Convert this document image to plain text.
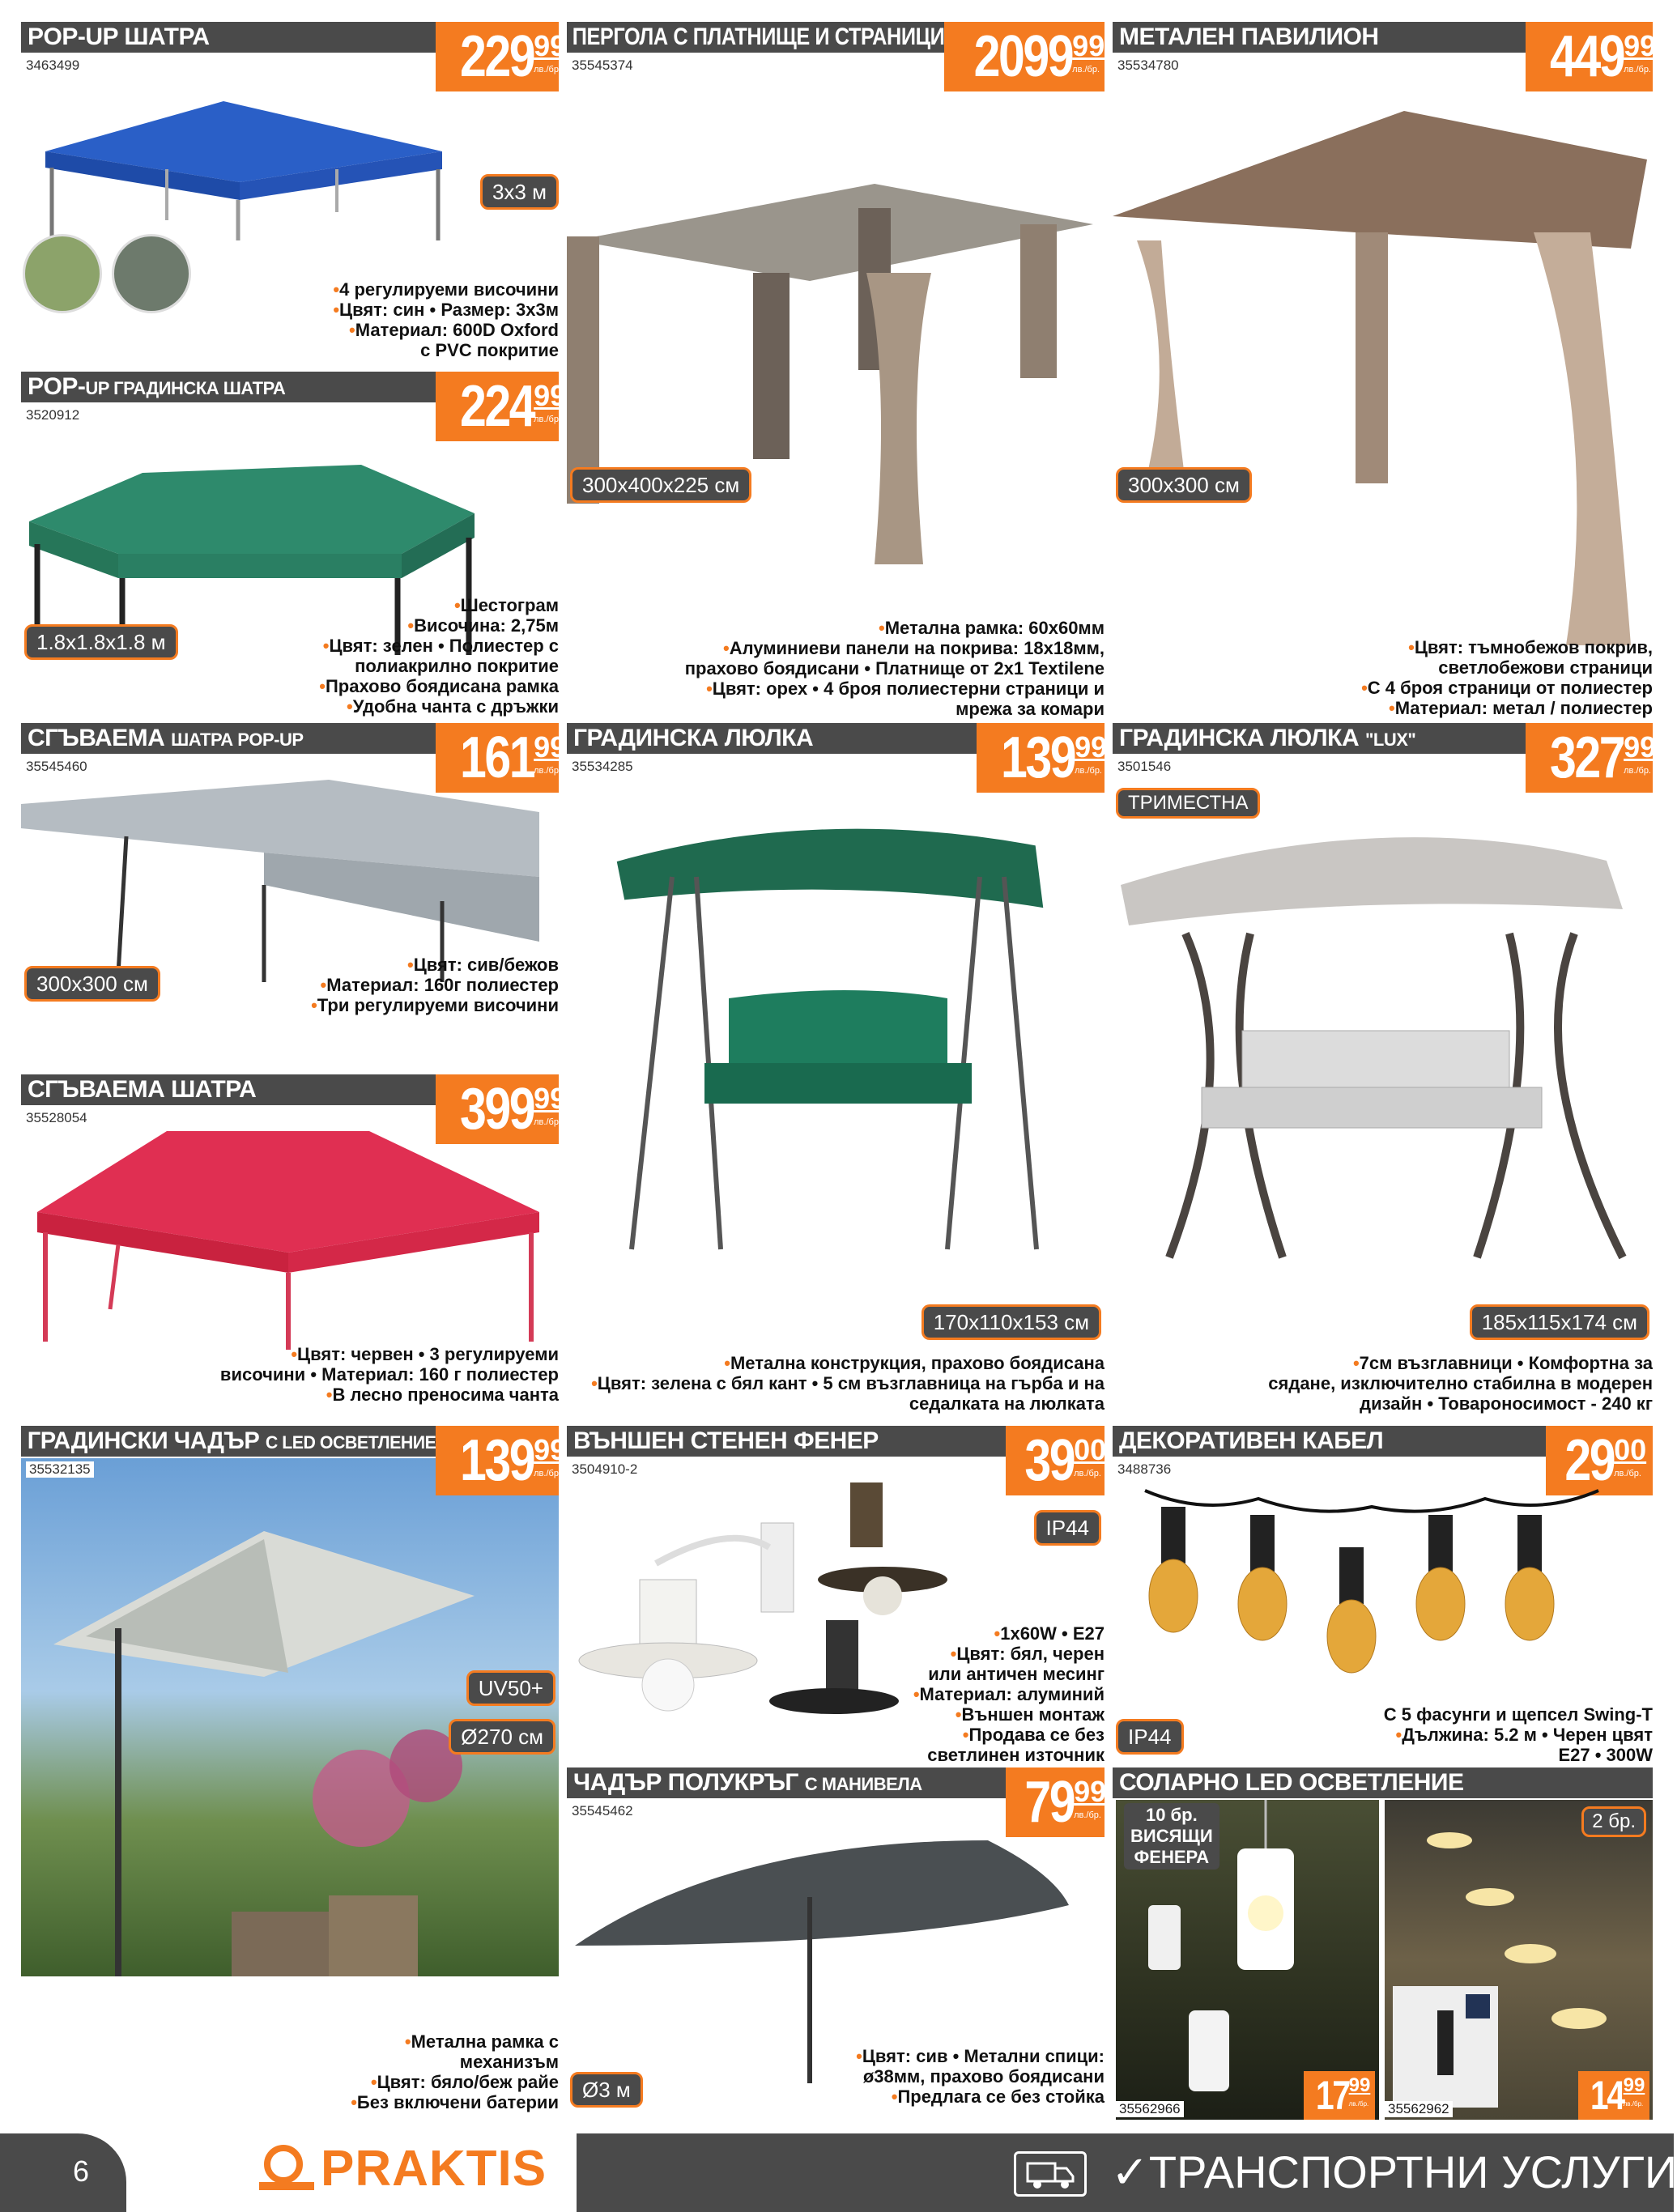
POP-UP ШАТРА
3463499	229 99
лв./бр.
3x3 м
•4 регулируеми височини
•Цвят: син • Размер: 3х3м
•Материал: 600D Oxford
с PVC покритие
POP-UP ГРАДИНСКА ШАТРА
3520912	224 99
лв./бр.
1.8x1.8x1.8 м
•Шестограм
•Височина: 2,75м
•Цвят: зелен • Полиестер с
полиакрилно покритие
•Прахово боядисана рамка
•Удобна чанта с дръжки
СГЪВАЕМА ШАТРА POP-UP
35545460	161 99
лв./бр.
300x300 см
•Цвят: сив/бежов
•Материал: 160г полиестер
•Три регулируеми височини
СГЪВАЕМА ШАТРА
35528054	399 99
лв./бр.
•Цвят: червен • 3 регулируеми
височини • Материал: 160 г полиестер
•В лесно преносима чанта
ГРАДИНСКИ ЧАДЪР С LED ОСВЕТЛЕНИЕ
35532135	139 99
лв./бр.
UV50+
Ø270 см
•Метална рамка с
механизъм
•Цвят: бяло/беж райе
•Без включени батерии
ПЕРГОЛА С ПЛАТНИЩЕ И СТРАНИЦИ
35545374	2099 99
лв./бр.
300x400x225 см
•Метална рамка: 60x60мм
•Алуминиеви панели на покрива: 18x18мм,
прахово боядисани • Платнище от 2x1 Textilene
•Цвят: орех • 4 броя полиестерни страници и
мрежа за комари
ГРАДИНСКА ЛЮЛКА
35534285	139 99
лв./бр.
170x110x153 см
•Метална конструкция, прахово боядисана
•Цвят: зелена с бял кант • 5 см възглавница на гърба и на
седалката на люлката
ВЪНШЕН СТЕНЕН ФЕНЕР
3504910-2	39 00
лв./бр.
IP44
•1x60W • E27
•Цвят: бял, черен
или античен месинг
•Материал: алуминий
•Външен монтаж
•Продава се без
светлинен източник
ЧАДЪР ПОЛУКРЪГ С МАНИВЕЛА
35545462	79 99
лв./бр.
Ø3 м
•Цвят: сив • Метални спици:
ø38мм, прахово боядисани
•Предлага се без стойка
МЕТАЛЕН ПАВИЛИОН
35534780	449 99
лв./бр.
300x300 см
•Цвят: тъмнобежов покрив,
светлобежови страници
•С 4 броя страници от полиестер
•Материал: метал / полиестер
ГРАДИНСКА ЛЮЛКА "LUX"
3501546	327 99
лв./бр.
ТРИМЕСТНА
185x115x174 см
•7см възглавници • Комфортна за
сядане, изключително стабилна в модерен
дизайн • Товароносимост - 240 кг
ДЕКОРАТИВЕН КАБЕЛ
3488736	29 00
лв./бр.
IP44
С 5 фасунги и щепсел Swing-T
•Дължина: 5.2 м • Черен цвят
E27 • 300W
СОЛАРНО LED ОСВЕТЛЕНИЕ
10 бр.
ВИСЯЩИ
ФЕНЕРА
17 99
лв./бр.
35562966
2 бр.
14 99
лв./бр.
35562962
6	PRAKTIS	✓ТРАНСПОРТНИ УСЛУГИ
